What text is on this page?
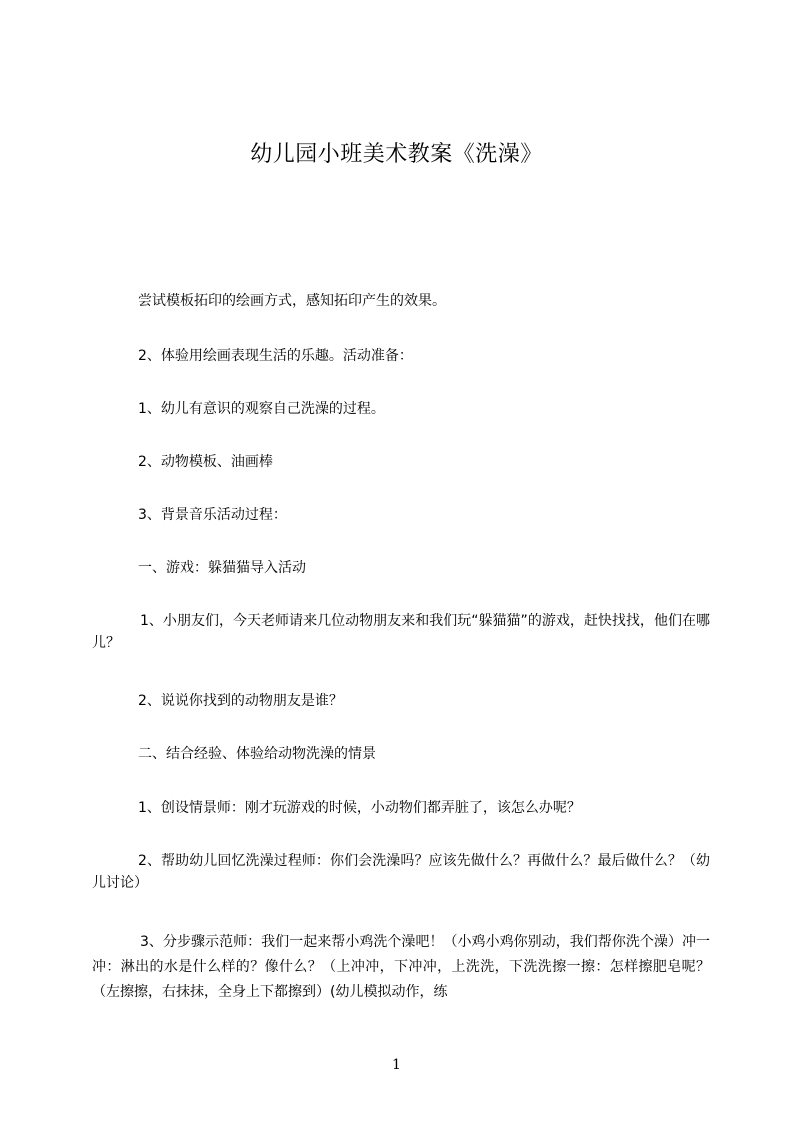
幼儿园小班美术教案《洗澡》
尝试模板拓印的绘画方式，感知拓印产生的效果。
2、体验用绘画表现生活的乐趣。活动准备：
1、幼儿有意识的观察自己洗澡的过程。
2、动物模板、油画棒
3、背景音乐活动过程：
一、游戏：躲猫猫导入活动
1、小朋友们，今天老师请来几位动物朋友来和我们玩“躲猫猫”的游戏，赶快找找，他们在哪儿？
2、说说你找到的动物朋友是谁？
二、结合经验、体验给动物洗澡的情景
1、创设情景师：刚才玩游戏的时候，小动物们都弄脏了，该怎么办呢？
2、帮助幼儿回忆洗澡过程师：你们会洗澡吗？应该先做什么？再做什么？最后做什么？（幼儿讨论）
3、分步骤示范师：我们一起来帮小鸡洗个澡吧！（小鸡小鸡你别动，我们帮你洗个澡）冲一冲：淋出的水是什么样的？像什么？（上冲冲，下冲冲，上洗洗，下洗洗擦一擦：怎样擦肥皂呢？（左擦擦，右抹抹，全身上下都擦到）(幼儿模拟动作，练
1
